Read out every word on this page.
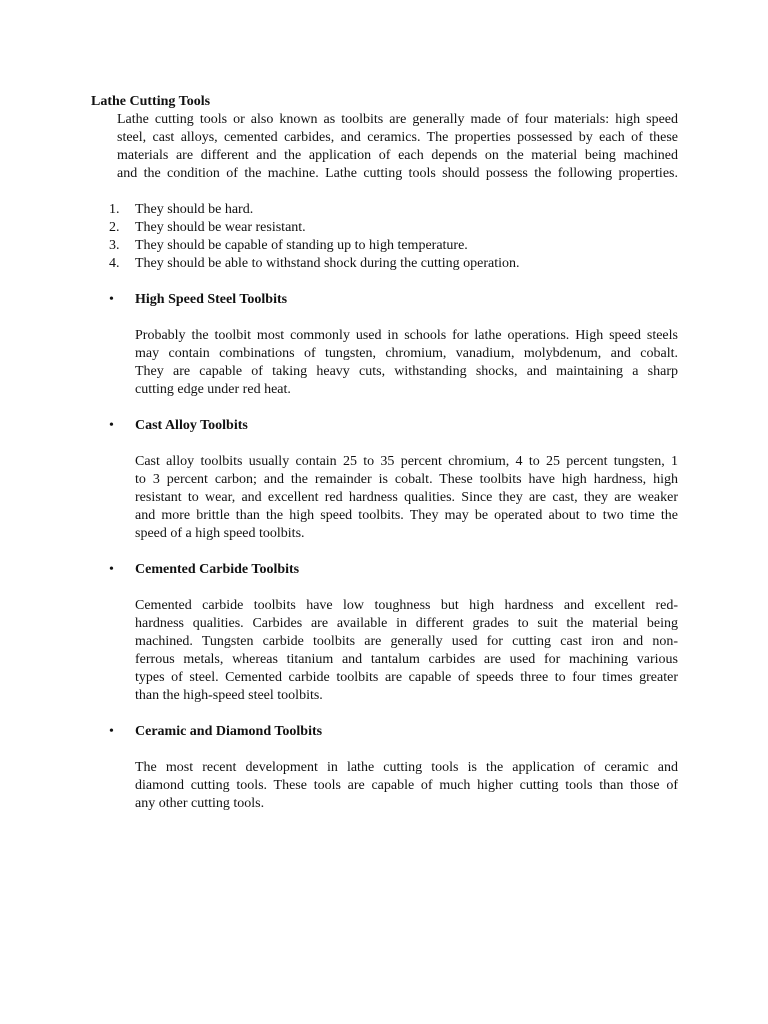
Lathe Cutting Tools
Lathe cutting tools or also known as toolbits are generally made of four materials: high speed
steel, cast alloys, cemented carbides, and ceramics. The properties possessed by each of these
materials are different and the application of each depends on the material being machined
and the condition of the machine. Lathe cutting tools should possess the following properties.
1.	They should be hard.
2.	They should be wear resistant.
3.	They should be capable of standing up to high temperature.
4.	They should be able to withstand shock during the cutting operation.
•	High Speed Steel Toolbits
Probably the toolbit most commonly used in schools for lathe operations. High speed steels
may contain combinations of tungsten, chromium, vanadium, molybdenum, and cobalt.
They are capable of taking heavy cuts, withstanding shocks, and maintaining a sharp
cutting edge under red heat.
•	Cast Alloy Toolbits
Cast alloy toolbits usually contain 25 to 35 percent chromium, 4 to 25 percent tungsten, 1
to 3 percent carbon; and the remainder is cobalt. These toolbits have high hardness, high
resistant to wear, and excellent red hardness qualities. Since they are cast, they are weaker
and more brittle than the high speed toolbits. They may be operated about to two time the
speed of a high speed toolbits.
•	Cemented Carbide Toolbits
Cemented carbide toolbits have low toughness but high hardness and excellent red-
hardness qualities. Carbides are available in different grades to suit the material being
machined. Tungsten carbide toolbits are generally used for cutting cast iron and non-
ferrous metals, whereas titanium and tantalum carbides are used for machining various
types of steel. Cemented carbide toolbits are capable of speeds three to four times greater
than the high-speed steel toolbits.
•	Ceramic and Diamond Toolbits
The most recent development in lathe cutting tools is the application of ceramic and
diamond cutting tools. These tools are capable of much higher cutting tools than those of
any other cutting tools.
